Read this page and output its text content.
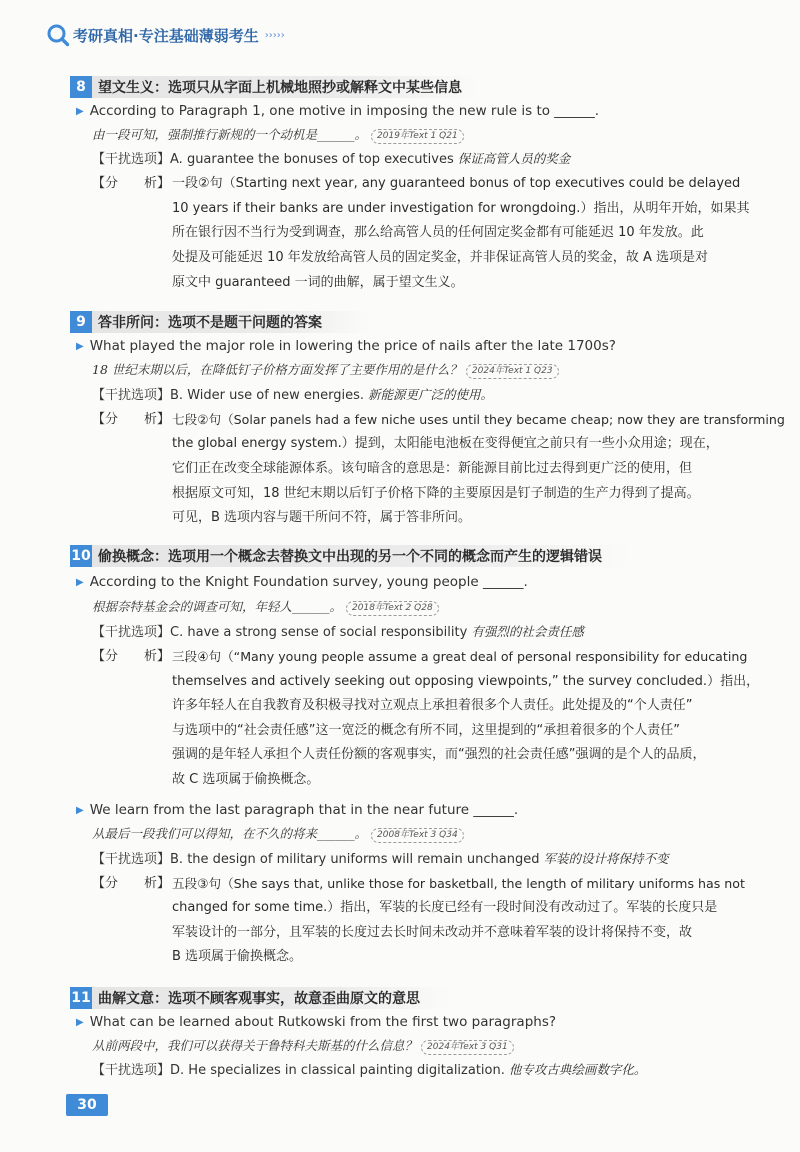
考研真相·专注基础薄弱考生 ›››››
8 望文生义：选项只从字面上机械地照抄或解释文中某些信息
▶ According to Paragraph 1, one motive in imposing the new rule is to ______.
由一段可知，强制推行新规的一个动机是______。 2019年Text 1 Q21
【干扰选项】A. guarantee the bonuses of top executives 保证高管人员的奖金
【分　　析】 一段②句（Starting next year, any guaranteed bonus of top executives could be delayed
10 years if their banks are under investigation for wrongdoing.）指出，从明年开始，如果其
所在银行因不当行为受到调查，那么给高管人员的任何固定奖金都有可能延迟 10 年发放。此
处提及可能延迟 10 年发放给高管人员的固定奖金，并非保证高管人员的奖金，故 A 选项是对
原文中 guaranteed 一词的曲解，属于望文生义。
9 答非所问：选项不是题干问题的答案
▶ What played the major role in lowering the price of nails after the late 1700s?
18 世纪末期以后，在降低钉子价格方面发挥了主要作用的是什么？ 2024年Text 1 Q23
【干扰选项】B. Wider use of new energies. 新能源更广泛的使用。
【分　　析】 七段②句（Solar panels had a few niche uses until they became cheap; now they are transforming
the global energy system.）提到，太阳能电池板在变得便宜之前只有一些小众用途；现在，
它们正在改变全球能源体系。该句暗含的意思是：新能源目前比过去得到更广泛的使用，但
根据原文可知，18 世纪末期以后钉子价格下降的主要原因是钉子制造的生产力得到了提高。
可见，B 选项内容与题干所问不符，属于答非所问。
10 偷换概念：选项用一个概念去替换文中出现的另一个不同的概念而产生的逻辑错误
▶ According to the Knight Foundation survey, young people ______.
根据奈特基金会的调查可知，年轻人______。 2018年Text 2 Q28
【干扰选项】C. have a strong sense of social responsibility 有强烈的社会责任感
【分　　析】 三段④句（“Many young people assume a great deal of personal responsibility for educating
themselves and actively seeking out opposing viewpoints,” the survey concluded.）指出，
许多年轻人在自我教育及积极寻找对立观点上承担着很多个人责任。此处提及的“个人责任”
与选项中的“社会责任感”这一宽泛的概念有所不同，这里提到的“承担着很多的个人责任”
强调的是年轻人承担个人责任份额的客观事实，而“强烈的社会责任感”强调的是个人的品质，
故 C 选项属于偷换概念。
▶ We learn from the last paragraph that in the near future ______.
从最后一段我们可以得知，在不久的将来______。 2008年Text 3 Q34
【干扰选项】B. the design of military uniforms will remain unchanged 军装的设计将保持不变
【分　　析】 五段③句（She says that, unlike those for basketball, the length of military uniforms has not
changed for some time.）指出，军装的长度已经有一段时间没有改动过了。军装的长度只是
军装设计的一部分，且军装的长度过去长时间未改动并不意味着军装的设计将保持不变，故
B 选项属于偷换概念。
11 曲解文意：选项不顾客观事实，故意歪曲原文的意思
▶ What can be learned about Rutkowski from the first two paragraphs?
从前两段中，我们可以获得关于鲁特科夫斯基的什么信息？ 2024年Text 3 Q31
【干扰选项】D. He specializes in classical painting digitalization. 他专攻古典绘画数字化。
30
